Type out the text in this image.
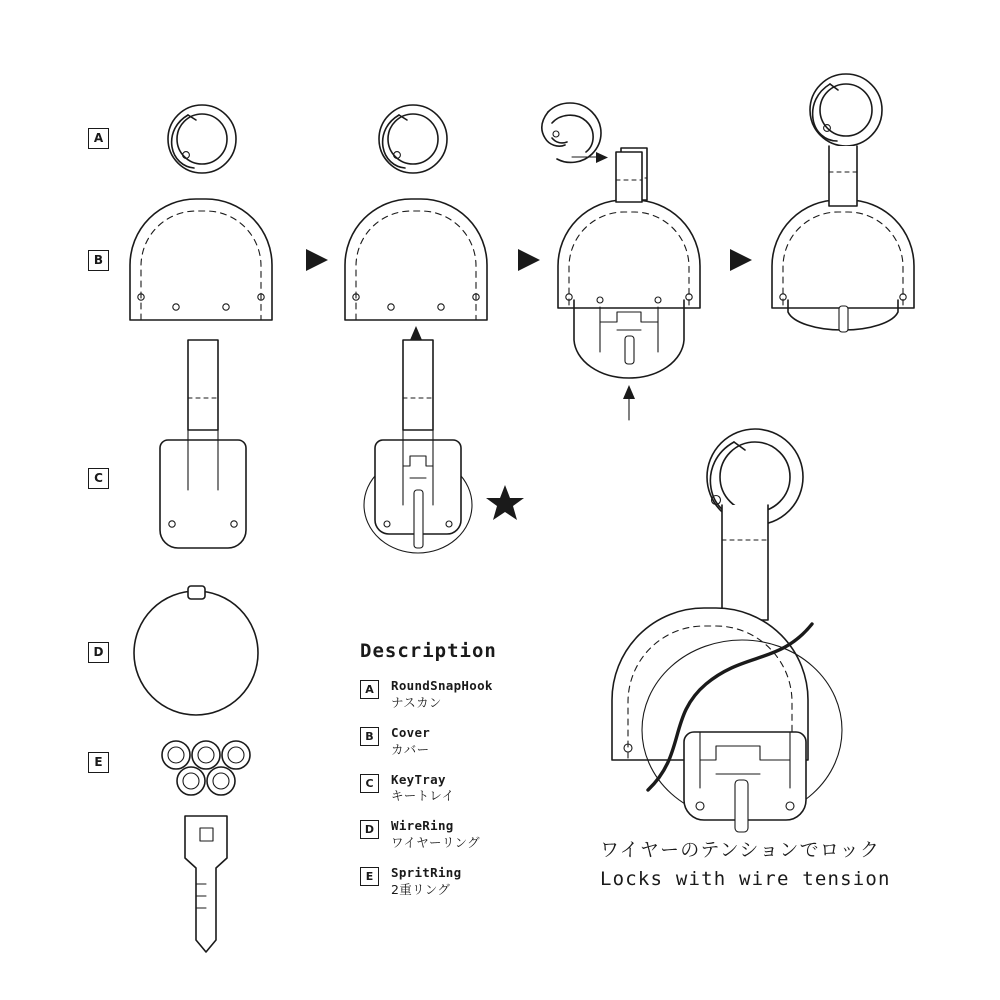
A
B
C
D
E
Description
A	RoundSnapHook
ナスカン
B	Cover
カバー
C	KeyTray
キートレイ
D	WireRing
ワイヤーリング
E	SpritRing
2重リング
ワイヤーのテンションでロック
Locks with wire tension
